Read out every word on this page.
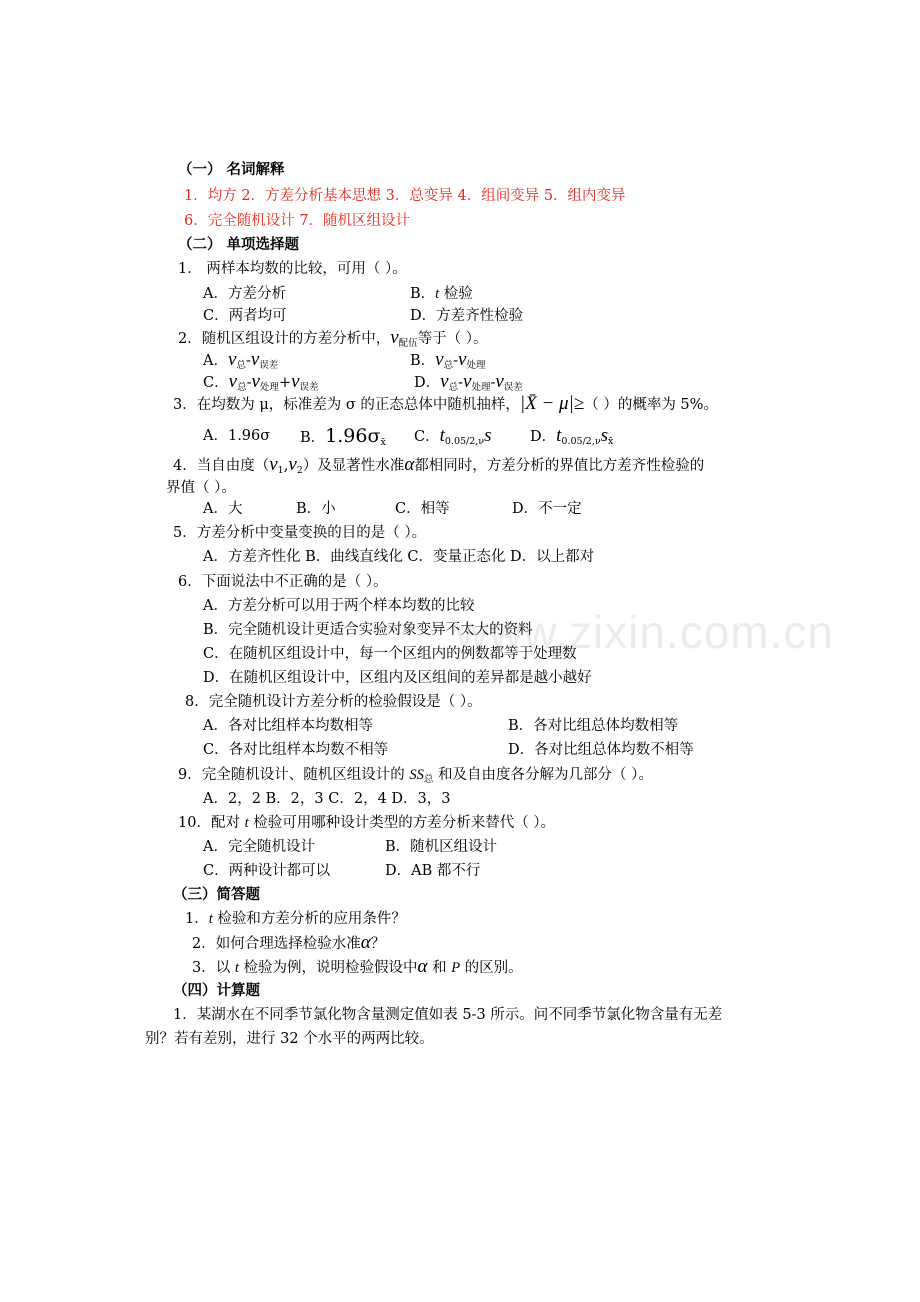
（一） 名词解释
1．均方 2．方差分析基本思想 3．总变异 4．组间变异 5．组内变异
6．完全随机设计 7．随机区组设计
（二） 单项选择题
1． 两样本均数的比较，可用（ ）。
A．方差分析	B．t 检验
C．两者均可	D．方差齐性检验
2．随机区组设计的方差分析中，$\nu_{配伍}$等于（ ）。
A．$\nu_总-\nu_{误差}$	B．$\nu_总-\nu_{处理}$
C．$\nu_总-\nu_{处理}+\nu_{误差}$	D．$\nu_总-\nu_{处理}-\nu_{误差}$
3．在均数为 μ，标准差为 σ 的正态总体中随机抽样，|X̄ − μ|≥（ ）的概率为 5%。
A．1.96σ B．$1.96\sigma_{x̄}$ C．$t_{0.05/2,\nu}s$	D．$t_{0.05/2,\nu}s_{x̄}$
4．当自由度$(\nu_1,\nu_2)$及显著性水准α都相同时，方差分析的界值比方差齐性检验的
界值（ ）。
A．大	B．小	C．相等	D．不一定
5．方差分析中变量变换的目的是（ ）。
A．方差齐性化 B．曲线直线化 C．变量正态化 D．以上都对
6．下面说法中不正确的是（ ）。
A．方差分析可以用于两个样本均数的比较
B．完全随机设计更适合实验对象变异不太大的资料
C．在随机区组设计中，每一个区组内的例数都等于处理数
D．在随机区组设计中，区组内及区组间的差异都是越小越好
8．完全随机设计方差分析的检验假设是（ ）。
A．各对比组样本均数相等	B．各对比组总体均数相等
C．各对比组样本均数不相等	D．各对比组总体均数不相等
9．完全随机设计、随机区组设计的 $SS_总$ 和及自由度各分解为几部分（ ）。
A．2，2 B．2，3 C．2，4 D．3，3
10．配对 t 检验可用哪种设计类型的方差分析来替代（ ）。
A．完全随机设计	B．随机区组设计
C．两种设计都可以	D．AB 都不行
（三）简答题
1．t 检验和方差分析的应用条件？
2．如何合理选择检验水准α？
3．以 t 检验为例，说明检验假设中α 和 P 的区别。
（四）计算题
1．某湖水在不同季节氯化物含量测定值如表 5-3 所示。问不同季节氯化物含量有无差
别？若有差别，进行 32 个水平的两两比较。
www.zixin.com.cn
